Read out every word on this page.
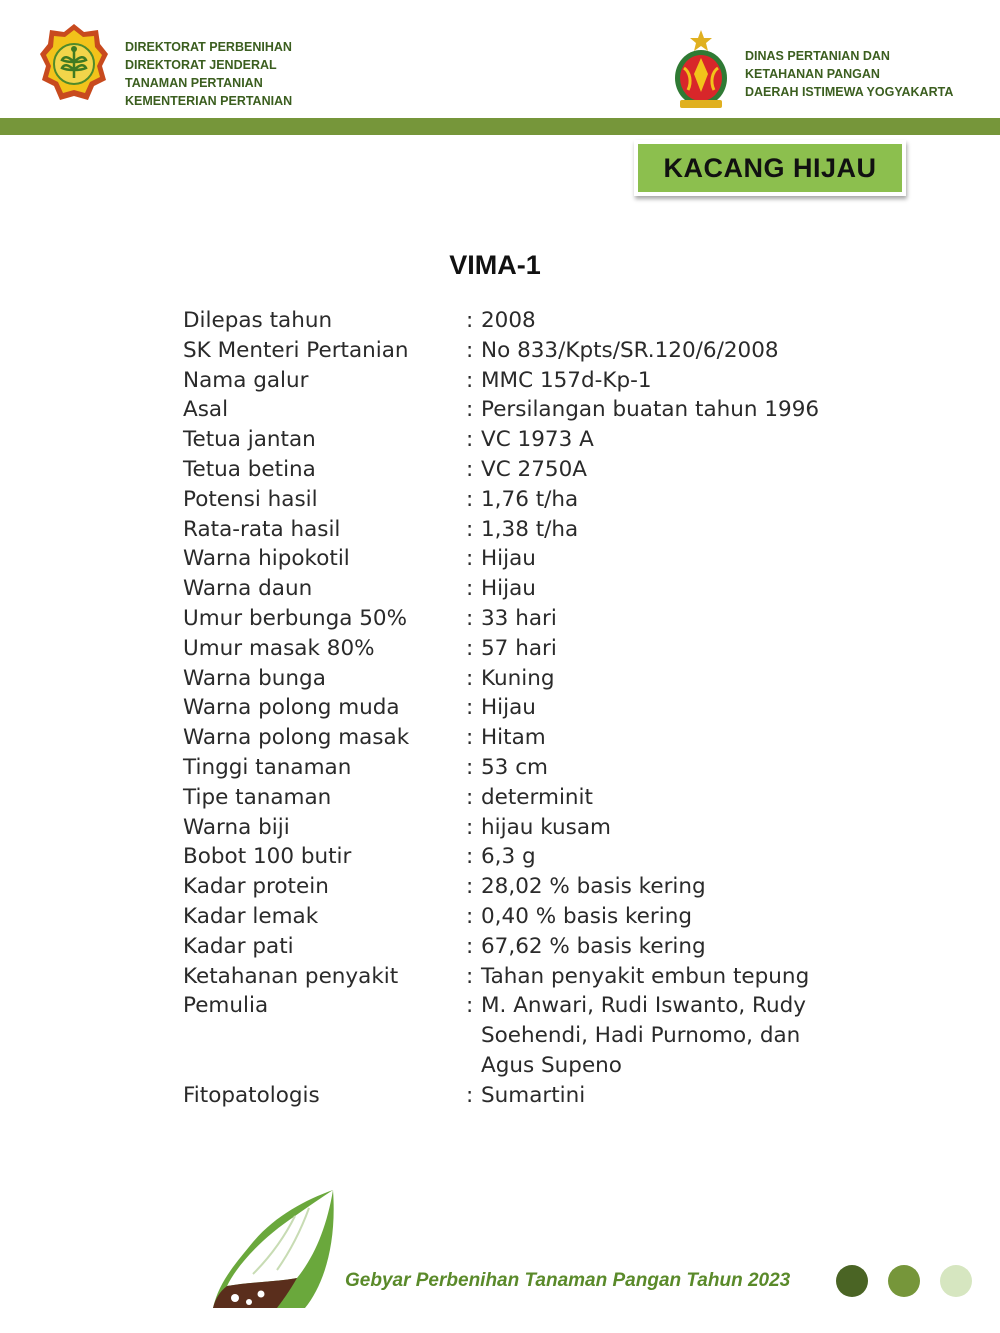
DIREKTORAT PERBENIHAN
DIREKTORAT JENDERAL
TANAMAN PERTANIAN
KEMENTERIAN PERTANIAN
DINAS PERTANIAN DAN
KETAHANAN PANGAN
DAERAH ISTIMEWA YOGYAKARTA
KACANG HIJAU
VIMA-1
Dilepas tahun	: 2008
SK Menteri Pertanian	: No 833/Kpts/SR.120/6/2008
Nama galur	: MMC 157d-Kp-1
Asal	: Persilangan buatan tahun 1996
Tetua jantan	: VC 1973 A
Tetua betina	: VC 2750A
Potensi hasil	: 1,76 t/ha
Rata-rata hasil	: 1,38 t/ha
Warna hipokotil	: Hijau
Warna daun	: Hijau
Umur berbunga 50%	: 33 hari
Umur masak 80%	: 57 hari
Warna bunga	: Kuning
Warna polong muda	: Hijau
Warna polong masak	: Hitam
Tinggi tanaman	: 53 cm
Tipe tanaman	: determinit
Warna biji	: hijau kusam
Bobot 100 butir	: 6,3 g
Kadar protein	: 28,02 % basis kering
Kadar lemak	: 0,40 % basis kering
Kadar pati	: 67,62 % basis kering
Ketahanan penyakit	: Tahan penyakit embun tepung
Pemulia	: M. Anwari, Rudi Iswanto, Rudy
Soehendi, Hadi Purnomo, dan
Agus Supeno
Fitopatologis	: Sumartini
Gebyar Perbenihan Tanaman Pangan Tahun 2023
